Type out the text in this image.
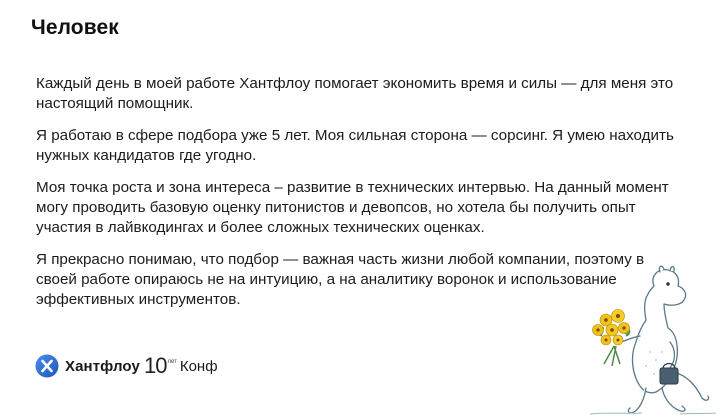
Человек

Каждый день в моей работе Хантфлоу помогает экономить время и силы — для меня это настоящий помощник.

Я работаю в сфере подбора уже 5 лет. Моя сильная сторона — сорсинг. Я умею находить нужных кандидатов где угодно.

Моя точка роста и зона интереса – развитие в технических интервью. На данный момент могу проводить базовую оценку питонистов и девопсов, но хотела бы получить опыт участия в лайвкодингах и более сложных технических оценках.

Я прекрасно понимаю, что подбор — важная часть жизни любой компании, поэтому в своей работе опираюсь не на интуицию, а на аналитику воронок и использование эффективных инструментов.

Хантфлоу 10 лет Конф
